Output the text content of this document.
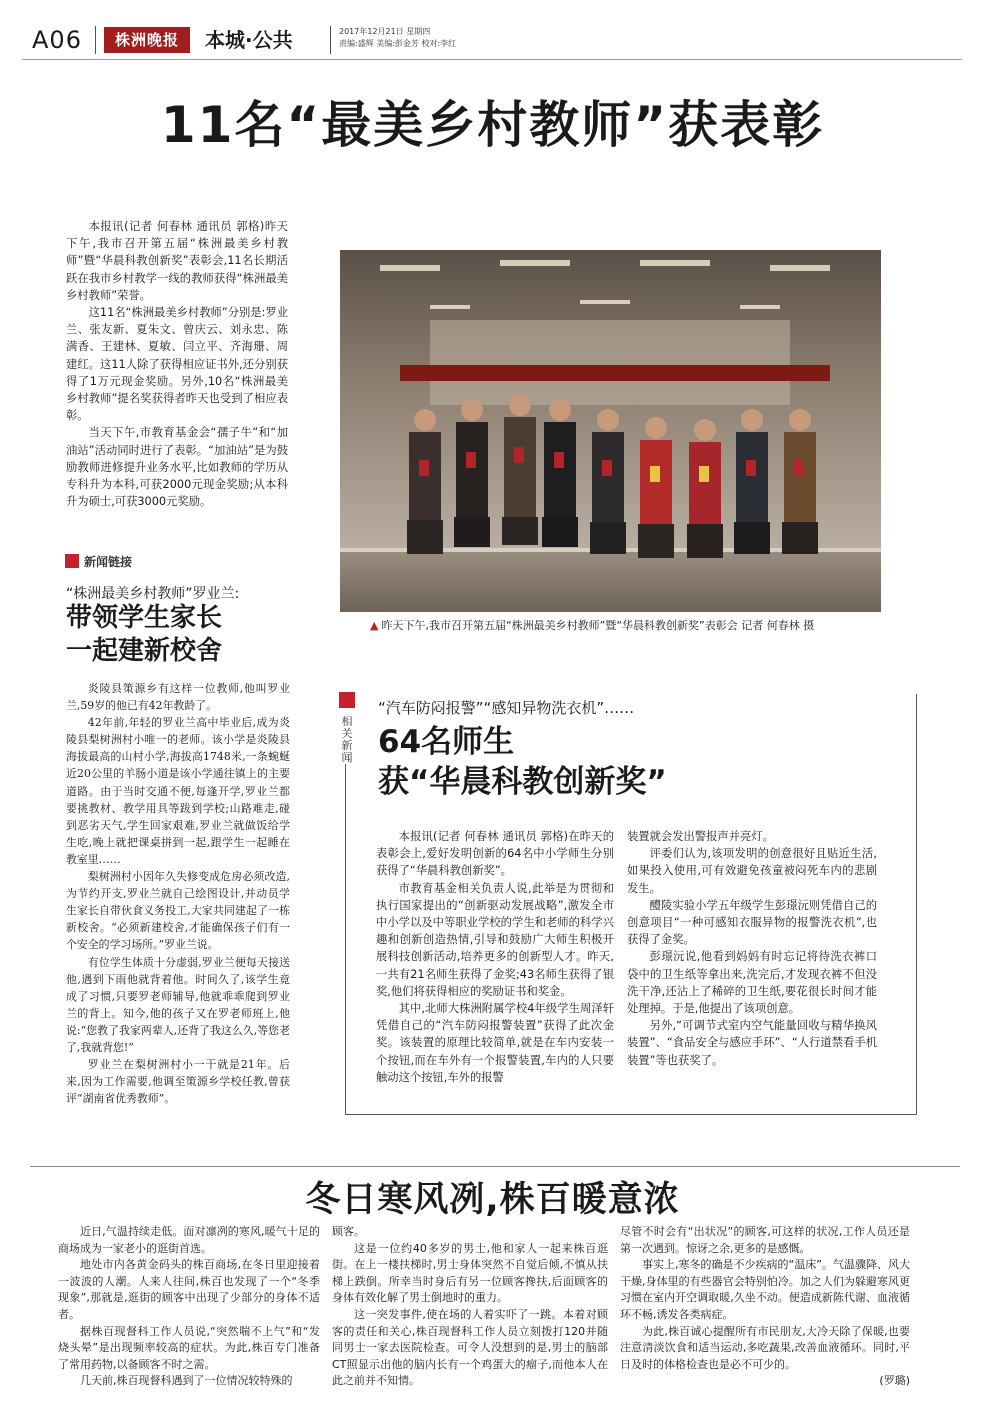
A06	株洲晚报	本城·公共	2017年12月21日 星期四
责编:盛辉 美编:彭金芳 校对:李红
11名“最美乡村教师”获表彰

本报讯(记者 何春林 通讯员 郭格)昨天下午,我市召开第五届“株洲最美乡村教师”暨“华晨科教创新奖”表彰会,11名长期活跃在我市乡村教学一线的教师获得“株洲最美乡村教师”荣誉。

这11名“株洲最美乡村教师”分别是:罗业兰、张友新、夏朱文、曾庆云、刘永忠、陈满香、王建林、夏敏、闫立平、齐海珊、周建红。这11人除了获得相应证书外,还分别获得了1万元现金奖励。另外,10名“株洲最美乡村教师”提名奖获得者昨天也受到了相应表彰。

当天下午,市教育基金会“孺子牛”和“加油站”活动同时进行了表彰。“加油站”是为鼓励教师进修提升业务水平,比如教师的学历从专科升为本科,可获2000元现金奖励;从本科升为硕士,可获3000元奖励。

▲ 昨天下午,我市召开第五届“株洲最美乡村教师”暨“华晨科教创新奖”表彰会 记者 何春林 摄
新闻链接
“株洲最美乡村教师”罗业兰:
带领学生家长
一起建新校舍

炎陵县策源乡有这样一位教师,他叫罗业兰,59岁的他已有42年教龄了。

42年前,年轻的罗业兰高中毕业后,成为炎陵县梨树洲村小唯一的老师。该小学是炎陵县海拔最高的山村小学,海拔高1748米,一条蜿蜒近20公里的羊肠小道是该小学通往镇上的主要道路。由于当时交通不便,每逢开学,罗业兰都要挑教材、教学用具等跋到学校;山路难走,碰到恶劣天气,学生回家艰难,罗业兰就做饭给学生吃,晚上就把课桌拼到一起,跟学生一起睡在教室里……

梨树洲村小因年久失修变成危房必须改造,为节约开支,罗业兰就自己绘图设计,并动员学生家长自带伙食义务投工,大家共同建起了一栋新校舍。“必须新建校舍,才能确保孩子们有一个安全的学习场所。”罗业兰说。

有位学生体质十分虚弱,罗业兰便每天接送他,遇到下雨他就背着他。时间久了,该学生竟成了习惯,只要罗老师辅导,他就乖乖爬到罗业兰的背上。知今,他的孩子又在罗老师班上,他说:“您教了我家两辈人,还背了我这么久,等您老了,我就背您!”

罗业兰在梨树洲村小一干就是21年。后来,因为工作需要,他调至策源乡学校任教,曾获评“湖南省优秀教师”。

相关新闻
“汽车防闷报警”“感知异物洗衣机”……
64名师生
获“华晨科教创新奖”

本报讯(记者 何春林 通讯员 郭格)在昨天的表彰会上,爱好发明创新的64名中小学师生分别获得了“华晨科教创新奖”。

市教育基金相关负责人说,此举是为贯彻和执行国家提出的“创新驱动发展战略”,激发全市中小学以及中等职业学校的学生和老师的科学兴趣和创新创造热情,引导和鼓励广大师生积极开展科技创新活动,培养更多的创新型人才。昨天,一共有21名师生获得了金奖;43名师生获得了银奖,他们将获得相应的奖励证书和奖金。

其中,北师大株洲附属学校4年级学生周泽轩凭借自己的“汽车防闷报警装置”获得了此次金奖。该装置的原理比较简单,就是在车内安装一个按钮,而在车外有一个报警装置,车内的人只要触动这个按钮,车外的报警

装置就会发出警报声并亮灯。

评委们认为,该项发明的创意很好且贴近生活,如果投入使用,可有效避免孩童被闷死车内的悲剧发生。

醴陵实验小学五年级学生彭璟沅则凭借自己的创意项目“一种可感知衣服异物的报警洗衣机”,也获得了金奖。

彭璟沅说,他看到妈妈有时忘记将待洗衣裤口袋中的卫生纸等拿出来,洗完后,才发现衣裤不但没洗干净,还沾上了稀碎的卫生纸,要花很长时间才能处理掉。于是,他提出了该项创意。

另外,“可调节式室内空气能量回收与精华换风装置”、“食品安全与感应手环”、“人行道禁看手机装置”等也获奖了。

冬日寒风冽,株百暖意浓

近日,气温持续走低。面对凛冽的寒风,暖气十足的商场成为一家老小的逛街首选。

地处市内各黄金码头的株百商场,在冬日里迎接着一波波的人潮。人来人往间,株百也发现了一个“冬季现象”,那就是,逛街的顾客中出现了少部分的身体不适者。

据株百现督科工作人员说,“突然喘不上气”和“发烧头晕”是出现频率较高的症状。为此,株百专门准备了常用药物,以备顾客不时之需。

几天前,株百现督科遇到了一位情况较特殊的

顾客。

这是一位约40多岁的男士,他和家人一起来株百逛街。在上一楼扶梯时,男士身体突然不自觉后倾,不慎从扶梯上跌倒。所幸当时身后有另一位顾客搀扶,后面顾客的身体有效化解了男士倒地时的重力。

这一突发事件,使在场的人着实吓了一跳。本着对顾客的责任和关心,株百现督科工作人员立刻拨打120并随同男士一家去医院检查。可令人没想到的是,男士的脑部CT照显示出他的脑内长有一个鸡蛋大的瘤子,而他本人在此之前并不知情。

尽管不时会有“出状况”的顾客,可这样的状况,工作人员还是第一次遇到。惊讶之余,更多的是感慨。

事实上,寒冬的确是不少疾病的“温床”。气温骤降、风大干燥,身体里的有些器官会特别怕冷。加之人们为躲避寒风更习惯在室内开空调取暖,久坐不动。便造成新陈代谢、血液循环不畅,诱发各类病症。

为此,株百诚心提醒所有市民朋友,大冷天除了保暖,也要注意清淡饮食和适当运动,多吃蔬果,改善血液循环。同时,平日及时的体格检查也是必不可少的。

(罗璐)
